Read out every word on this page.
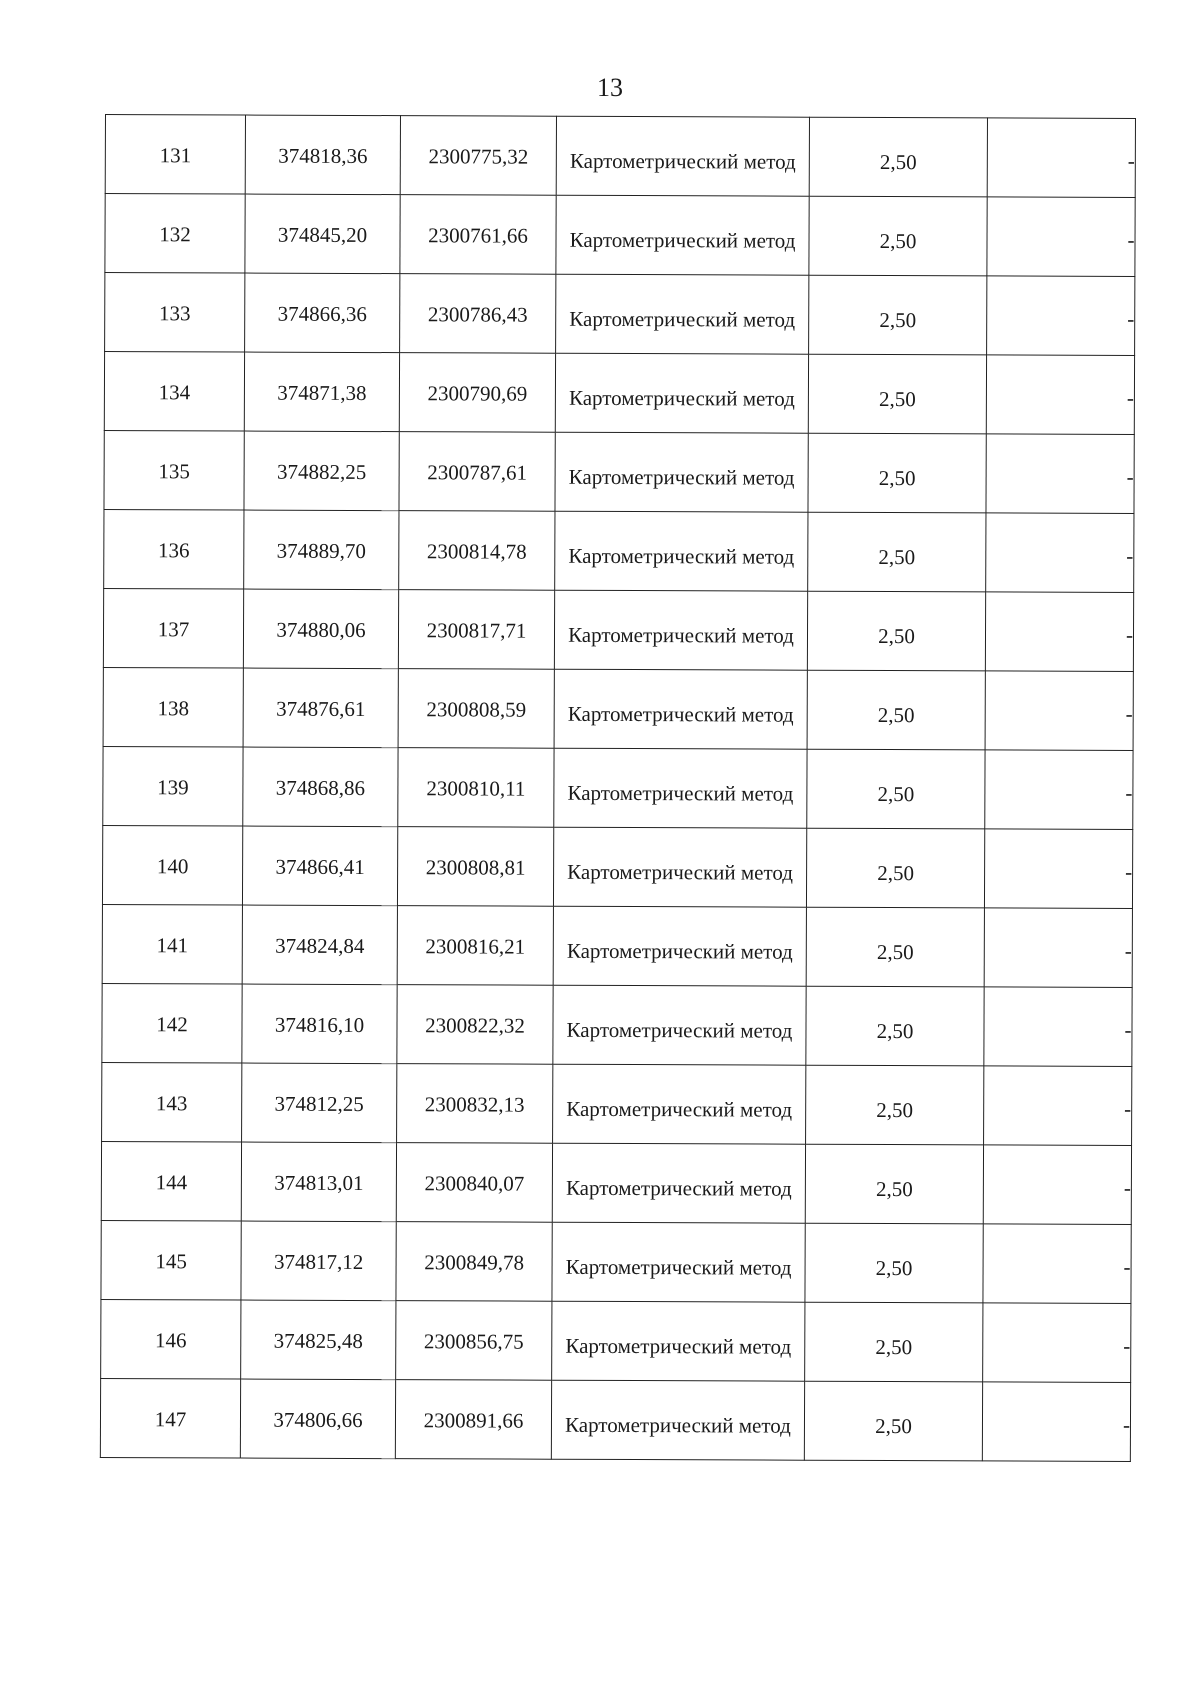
13
131	374818,36	2300775,32	Картометрический метод	2,50	-

132	374845,20	2300761,66	Картометрический метод	2,50	-

133	374866,36	2300786,43	Картометрический метод	2,50	-

134	374871,38	2300790,69	Картометрический метод	2,50	-

135	374882,25	2300787,61	Картометрический метод	2,50	-

136	374889,70	2300814,78	Картометрический метод	2,50	-

137	374880,06	2300817,71	Картометрический метод	2,50	-

138	374876,61	2300808,59	Картометрический метод	2,50	-

139	374868,86	2300810,11	Картометрический метод	2,50	-

140	374866,41	2300808,81	Картометрический метод	2,50	-

141	374824,84	2300816,21	Картометрический метод	2,50	-

142	374816,10	2300822,32	Картометрический метод	2,50	-

143	374812,25	2300832,13	Картометрический метод	2,50	-

144	374813,01	2300840,07	Картометрический метод	2,50	-

145	374817,12	2300849,78	Картометрический метод	2,50	-

146	374825,48	2300856,75	Картометрический метод	2,50	-

147	374806,66	2300891,66	Картометрический метод	2,50	-
